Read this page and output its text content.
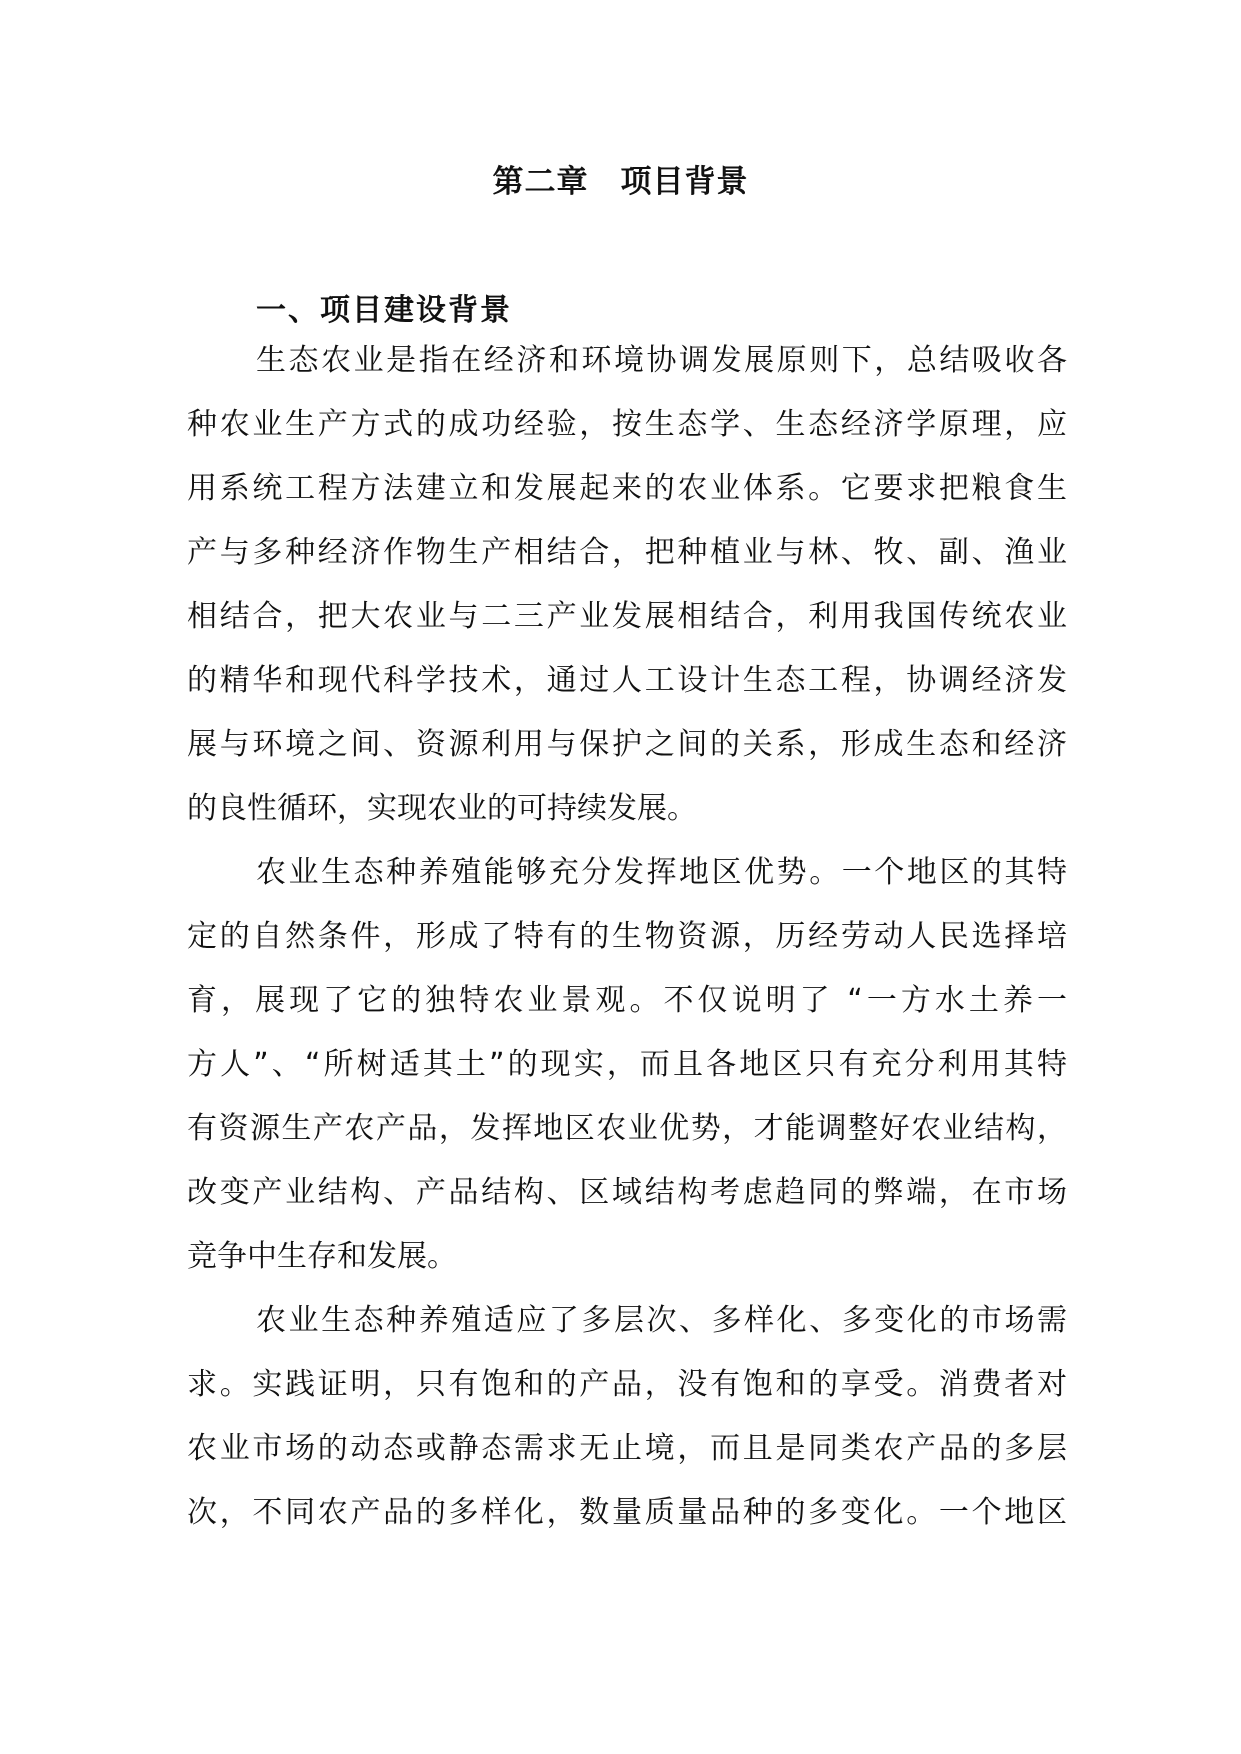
第二章　项目背景
一、项目建设背景
生态农业是指在经济和环境协调发展原则下，总结吸收各
种农业生产方式的成功经验，按生态学、生态经济学原理，应
用系统工程方法建立和发展起来的农业体系。它要求把粮食生
产与多种经济作物生产相结合，把种植业与林、牧、副、渔业
相结合，把大农业与二三产业发展相结合，利用我国传统农业
的精华和现代科学技术，通过人工设计生态工程，协调经济发
展与环境之间、资源利用与保护之间的关系，形成生态和经济
的良性循环，实现农业的可持续发展。
农业生态种养殖能够充分发挥地区优势。一个地区的其特
定的自然条件，形成了特有的生物资源，历经劳动人民选择培
育，展现了它的独特农业景观。不仅说明了 “一方水土养一
方人”、“所树适其土”的现实，而且各地区只有充分利用其特
有资源生产农产品，发挥地区农业优势，才能调整好农业结构，
改变产业结构、产品结构、区域结构考虑趋同的弊端，在市场
竞争中生存和发展。
农业生态种养殖适应了多层次、多样化、多变化的市场需
求。实践证明，只有饱和的产品，没有饱和的享受。消费者对
农业市场的动态或静态需求无止境，而且是同类农产品的多层
次，不同农产品的多样化，数量质量品种的多变化。一个地区
